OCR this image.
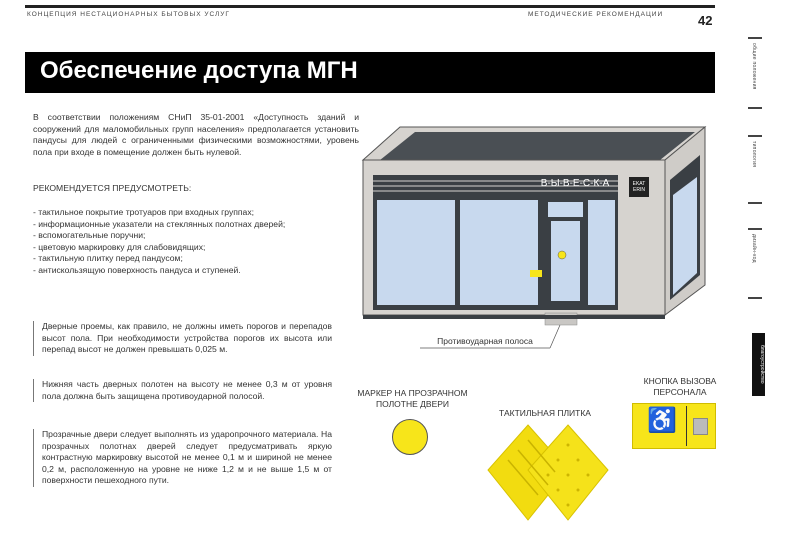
КОНЦЕПЦИЯ НЕСТАЦИОНАРНЫХ БЫТОВЫХ УСЛУГ	МЕТОДИЧЕСКИЕ РЕКОМЕНДАЦИИ	42
Обеспечение доступа МГН
В соответствии положениям СНиП 35-01-2001 «Доступность зданий и сооружений для маломобильных групп населения» предполагается установить пандусы для людей с ограниченными физическими возможностями, уровень пола при входе в помещение должен быть нулевой.
РЕКОМЕНДУЕТСЯ ПРЕДУСМОТРЕТЬ:
- тактильное покрытие тротуаров при входных группах;
- информационные указатели на стеклянных полотнах дверей;
- вспомогательные поручни;
- цветовую маркировку для слабовидящих;
- тактильную плитку перед пандусом;
- антискользящую поверхность пандуса и ступеней.
Дверные проемы, как правило, не должны иметь порогов и перепадов высот пола. При необходимости устройства порогов их высота или перепад высот не должен превышать 0,025 м.
Нижняя часть дверных полотен на высоту не менее 0,3 м от уровня пола должна быть защищена противоударной полосой.
Прозрачные двери следует выполнять из ударопрочного материала. На прозрачных полотнах дверей следует предусматривать яркую контрастную маркировку высотой не менее 0,1 м и шириной не менее 0,2 м, расположенную на уровне не ниже 1,2 м и не выше 1,5 м от поверхности пешеходного пути.
В-Ы-В-Е-С-К-А	EKAT
ERIN
Противоударная полоса
МАРКЕР НА ПРОЗРАЧНОМ ПОЛОТНЕ ДВЕРИ
ТАКТИЛЬНАЯ ПЛИТКА
КНОПКА ВЫЗОВА ПЕРСОНАЛА
♿
общие положения
типология
дизайн-код
благоустройство
